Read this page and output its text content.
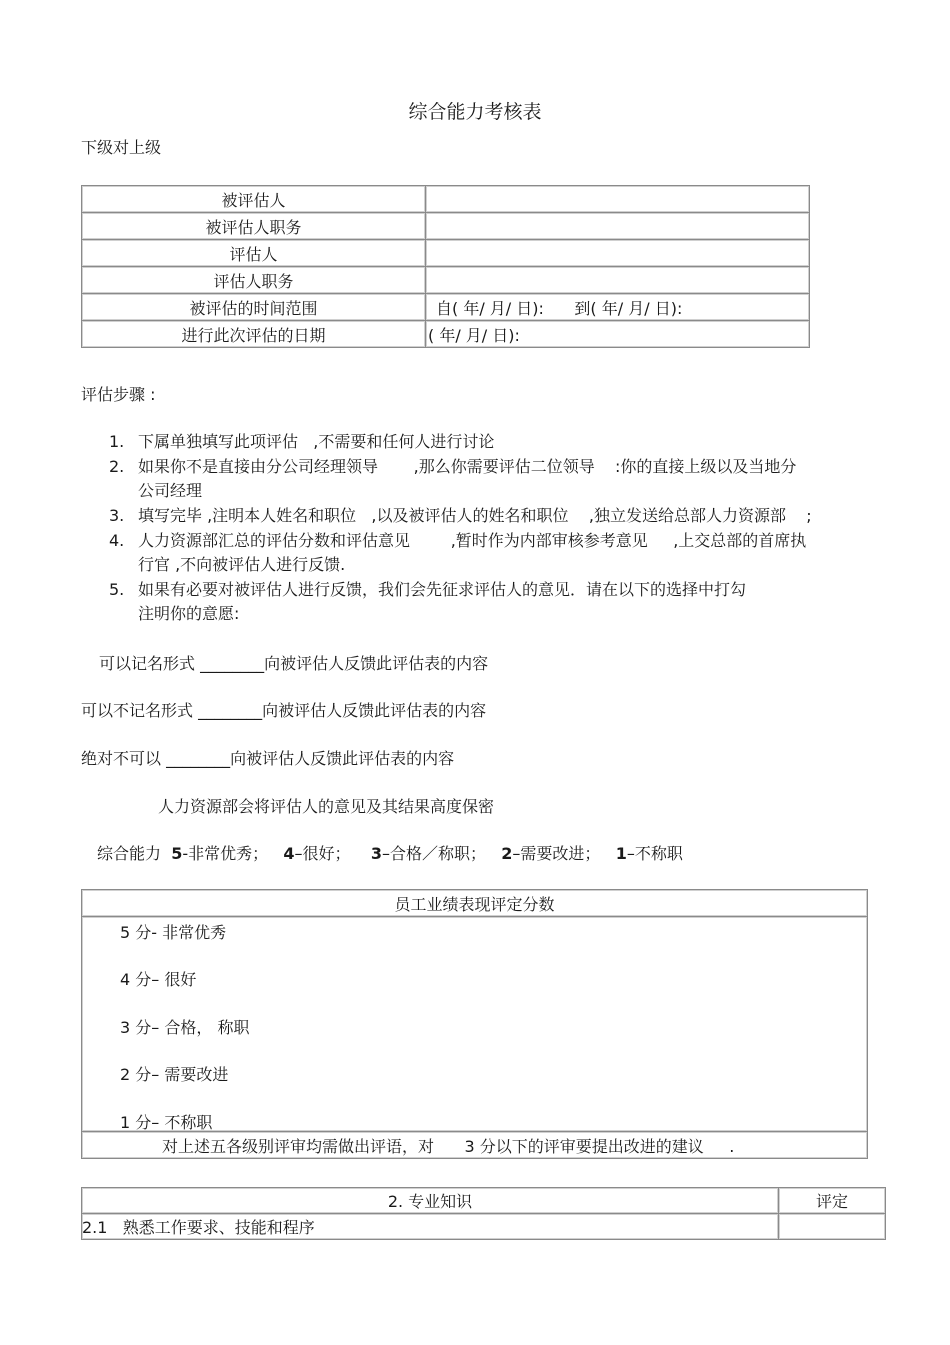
综合能力考核表
下级对上级
被评估人	
被评估人职务	
评估人	
评估人职务	
被评估的时间范围	自( 年/ 月/ 日):      到( 年/ 月/ 日):
进行此次评估的日期	( 年/ 月/ 日):
评估步骤 :
1. 下属单独填写此项评估   ,不需要和任何人进行讨论
2. 如果你不是直接由分公司经理领导       ,那么你需要评估二位领导    :你的直接上级以及当地分
公司经理
3. 填写完毕 ,注明本人姓名和职位   ,以及被评估人的姓名和职位    ,独立发送给总部人力资源部    ;
4. 人力资源部汇总的评估分数和评估意见        ,暂时作为内部审核参考意见     ,上交总部的首席执
行官 ,不向被评估人进行反馈.
5. 如果有必要对被评估人进行反馈，我们会先征求评估人的意见．请在以下的选择中打勾
注明你的意愿:
可以记名形式 ________向被评估人反馈此评估表的内容
可以不记名形式 ________向被评估人反馈此评估表的内容
绝对不可以 ________向被评估人反馈此评估表的内容
人力资源部会将评估人的意见及其结果高度保密
综合能力  5-非常优秀；   4–很好；    3–合格／称职；   2–需要改进；   1–不称职
员工业绩表现评定分数

5 分- 非常优秀
4 分– 很好
3 分– 合格， 称职
2 分– 需要改进
1 分– 不称职

对上述五各级别评审均需做出评语，对      3 分以下的评审要提出改进的建议     .
2. 专业知识	评定
2.1   熟悉工作要求、技能和程序	
